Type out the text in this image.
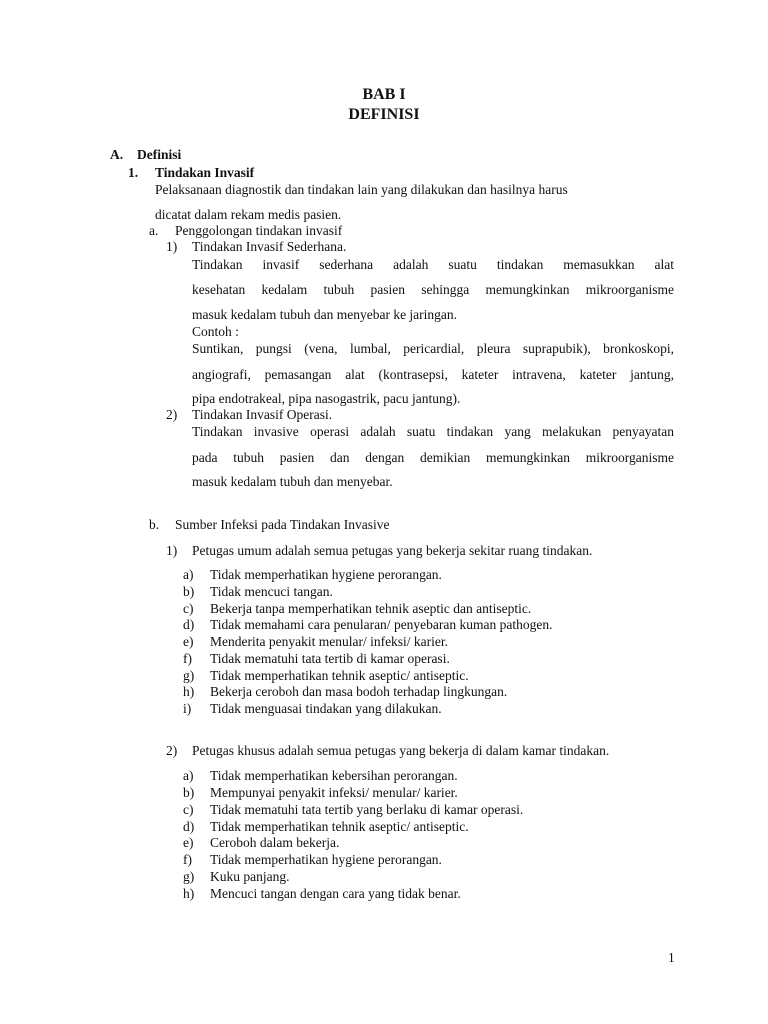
BAB I
DEFINISI
A. Definisi
1. Tindakan Invasif
Pelaksanaan diagnostik dan tindakan lain yang dilakukan dan hasilnya harus
dicatat dalam rekam medis pasien.
a. Penggolongan tindakan invasif
1) Tindakan Invasif Sederhana.
Tindakan invasif sederhana adalah suatu tindakan memasukkan alat
kesehatan kedalam tubuh pasien sehingga memungkinkan mikroorganisme
masuk kedalam tubuh dan menyebar ke jaringan.
Contoh :
Suntikan, pungsi (vena, lumbal, pericardial, pleura suprapubik), bronkoskopi,
angiografi, pemasangan alat (kontrasepsi, kateter intravena, kateter jantung,
pipa endotrakeal, pipa nasogastrik, pacu jantung).
2) Tindakan Invasif Operasi.
Tindakan invasive operasi adalah suatu tindakan yang melakukan penyayatan
pada tubuh pasien dan dengan demikian memungkinkan mikroorganisme
masuk kedalam tubuh dan menyebar.
b. Sumber Infeksi pada Tindakan Invasive
1) Petugas umum adalah semua petugas yang bekerja sekitar ruang tindakan.
a) Tidak memperhatikan hygiene perorangan.
b) Tidak mencuci tangan.
c) Bekerja tanpa memperhatikan tehnik aseptic dan antiseptic.
d) Tidak memahami cara penularan/ penyebaran kuman pathogen.
e) Menderita penyakit menular/ infeksi/ karier.
f) Tidak mematuhi tata tertib di kamar operasi.
g) Tidak memperhatikan tehnik aseptic/ antiseptic.
h) Bekerja ceroboh dan masa bodoh terhadap lingkungan.
i) Tidak menguasai tindakan yang dilakukan.
2) Petugas khusus adalah semua petugas yang bekerja di dalam kamar tindakan.
a) Tidak memperhatikan kebersihan perorangan.
b) Mempunyai penyakit infeksi/ menular/ karier.
c) Tidak mematuhi tata tertib yang berlaku di kamar operasi.
d) Tidak memperhatikan tehnik aseptic/ antiseptic.
e) Ceroboh dalam bekerja.
f) Tidak memperhatikan hygiene perorangan.
g) Kuku panjang.
h) Mencuci tangan dengan cara yang tidak benar.
1
